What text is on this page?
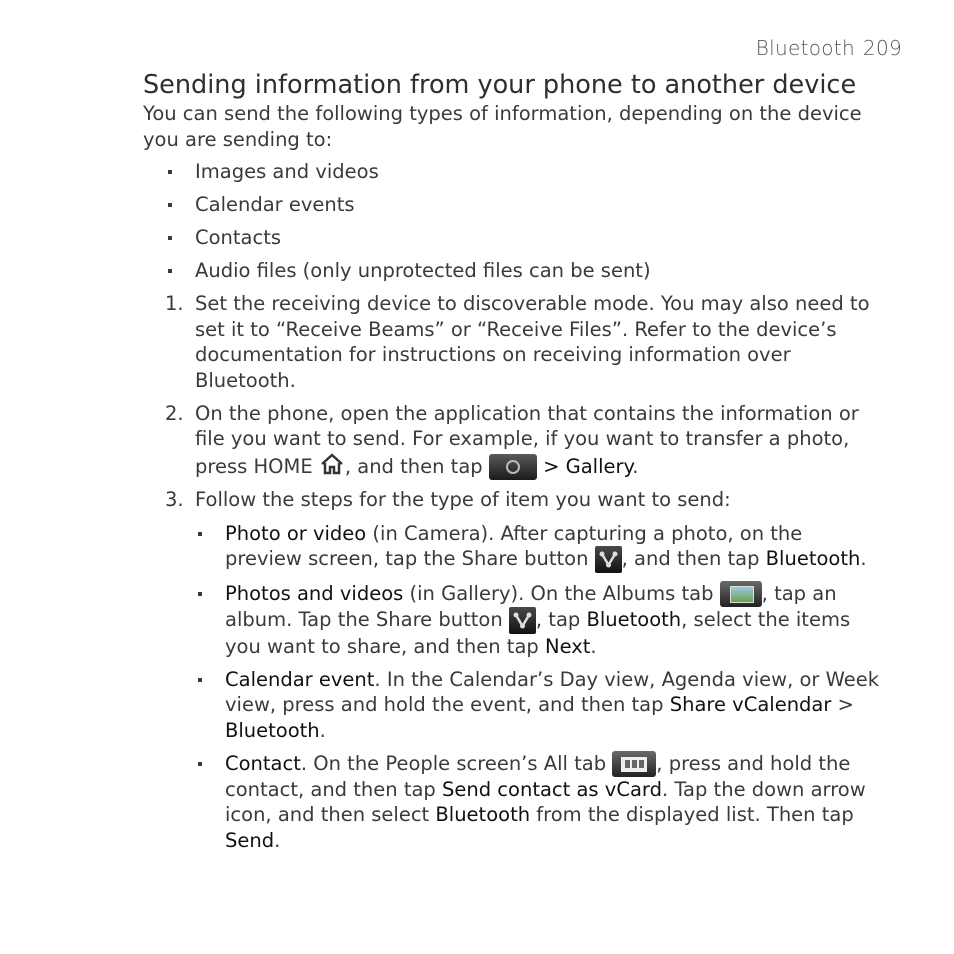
Bluetooth 209
Sending information from your phone to another device

You can send the following types of information, depending on the device you are sending to:

Images and videos
Calendar events
Contacts
Audio files (only unprotected files can be sent)
1. Set the receiving device to discoverable mode. You may also need to set it to “Receive Beams” or “Receive Files”. Refer to the device’s documentation for instructions on receiving information over Bluetooth.
2. On the phone, open the application that contains the information or file you want to send. For example, if you want to transfer a photo, press HOME , and then tap	> Gallery.
3. Follow the steps for the type of item you want to send:
Photo or video (in Camera). After capturing a photo, on the preview screen, tap the Share button , and then tap Bluetooth.
Photos and videos (in Gallery). On the Albums tab , tap an album. Tap the Share button , tap Bluetooth, select the items you want to share, and then tap Next.
Calendar event. In the Calendar’s Day view, Agenda view, or Week view, press and hold the event, and then tap Share vCalendar > Bluetooth.
Contact. On the People screen’s All tab , press and hold the contact, and then tap Send contact as vCard. Tap the down arrow icon, and then select Bluetooth from the displayed list. Then tap Send.
